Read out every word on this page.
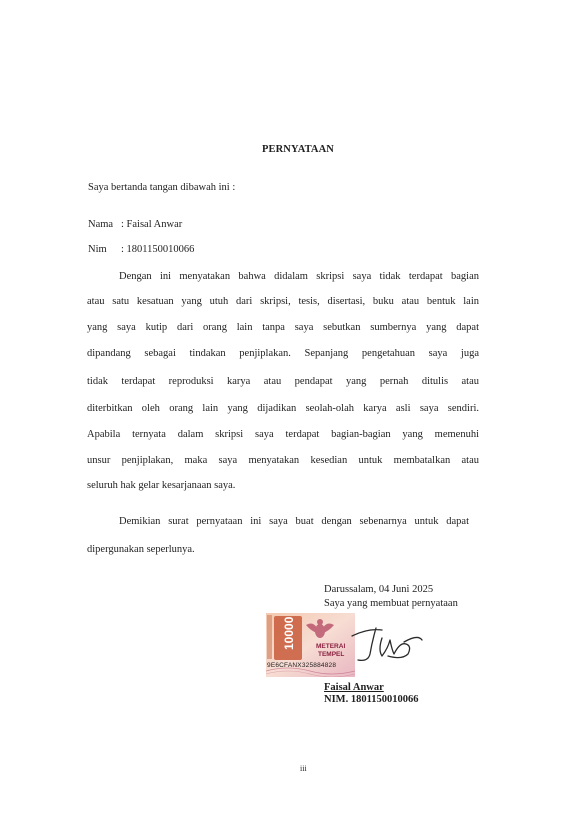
PERNYATAAN

Saya bertanda tangan dibawah ini :

Nama : Faisal Anwar

Nim : 1801150010066

Dengan ini menyatakan bahwa didalam skripsi saya tidak terdapat bagian

atau satu kesatuan yang utuh dari skripsi, tesis, disertasi, buku atau bentuk lain

yang saya kutip dari orang lain tanpa saya sebutkan sumbernya yang dapat

dipandang sebagai tindakan penjiplakan. Sepanjang pengetahuan saya juga

tidak terdapat reproduksi karya atau pendapat yang pernah ditulis atau

diterbitkan oleh orang lain yang dijadikan seolah-olah karya asli saya sendiri.

Apabila ternyata dalam skripsi saya terdapat bagian-bagian yang memenuhi

unsur penjiplakan, maka saya menyatakan kesedian untuk membatalkan atau

seluruh hak gelar kesarjanaan saya.

Demikian surat pernyataan ini saya buat dengan sebenarnya untuk dapat

dipergunakan seperlunya.

Darussalam, 04 Juni 2025

Saya yang membuat pernyataan

10000	METERAI
TEMPEL
9E6CFANX325884828

Faisal Anwar

NIM. 1801150010066

iii
